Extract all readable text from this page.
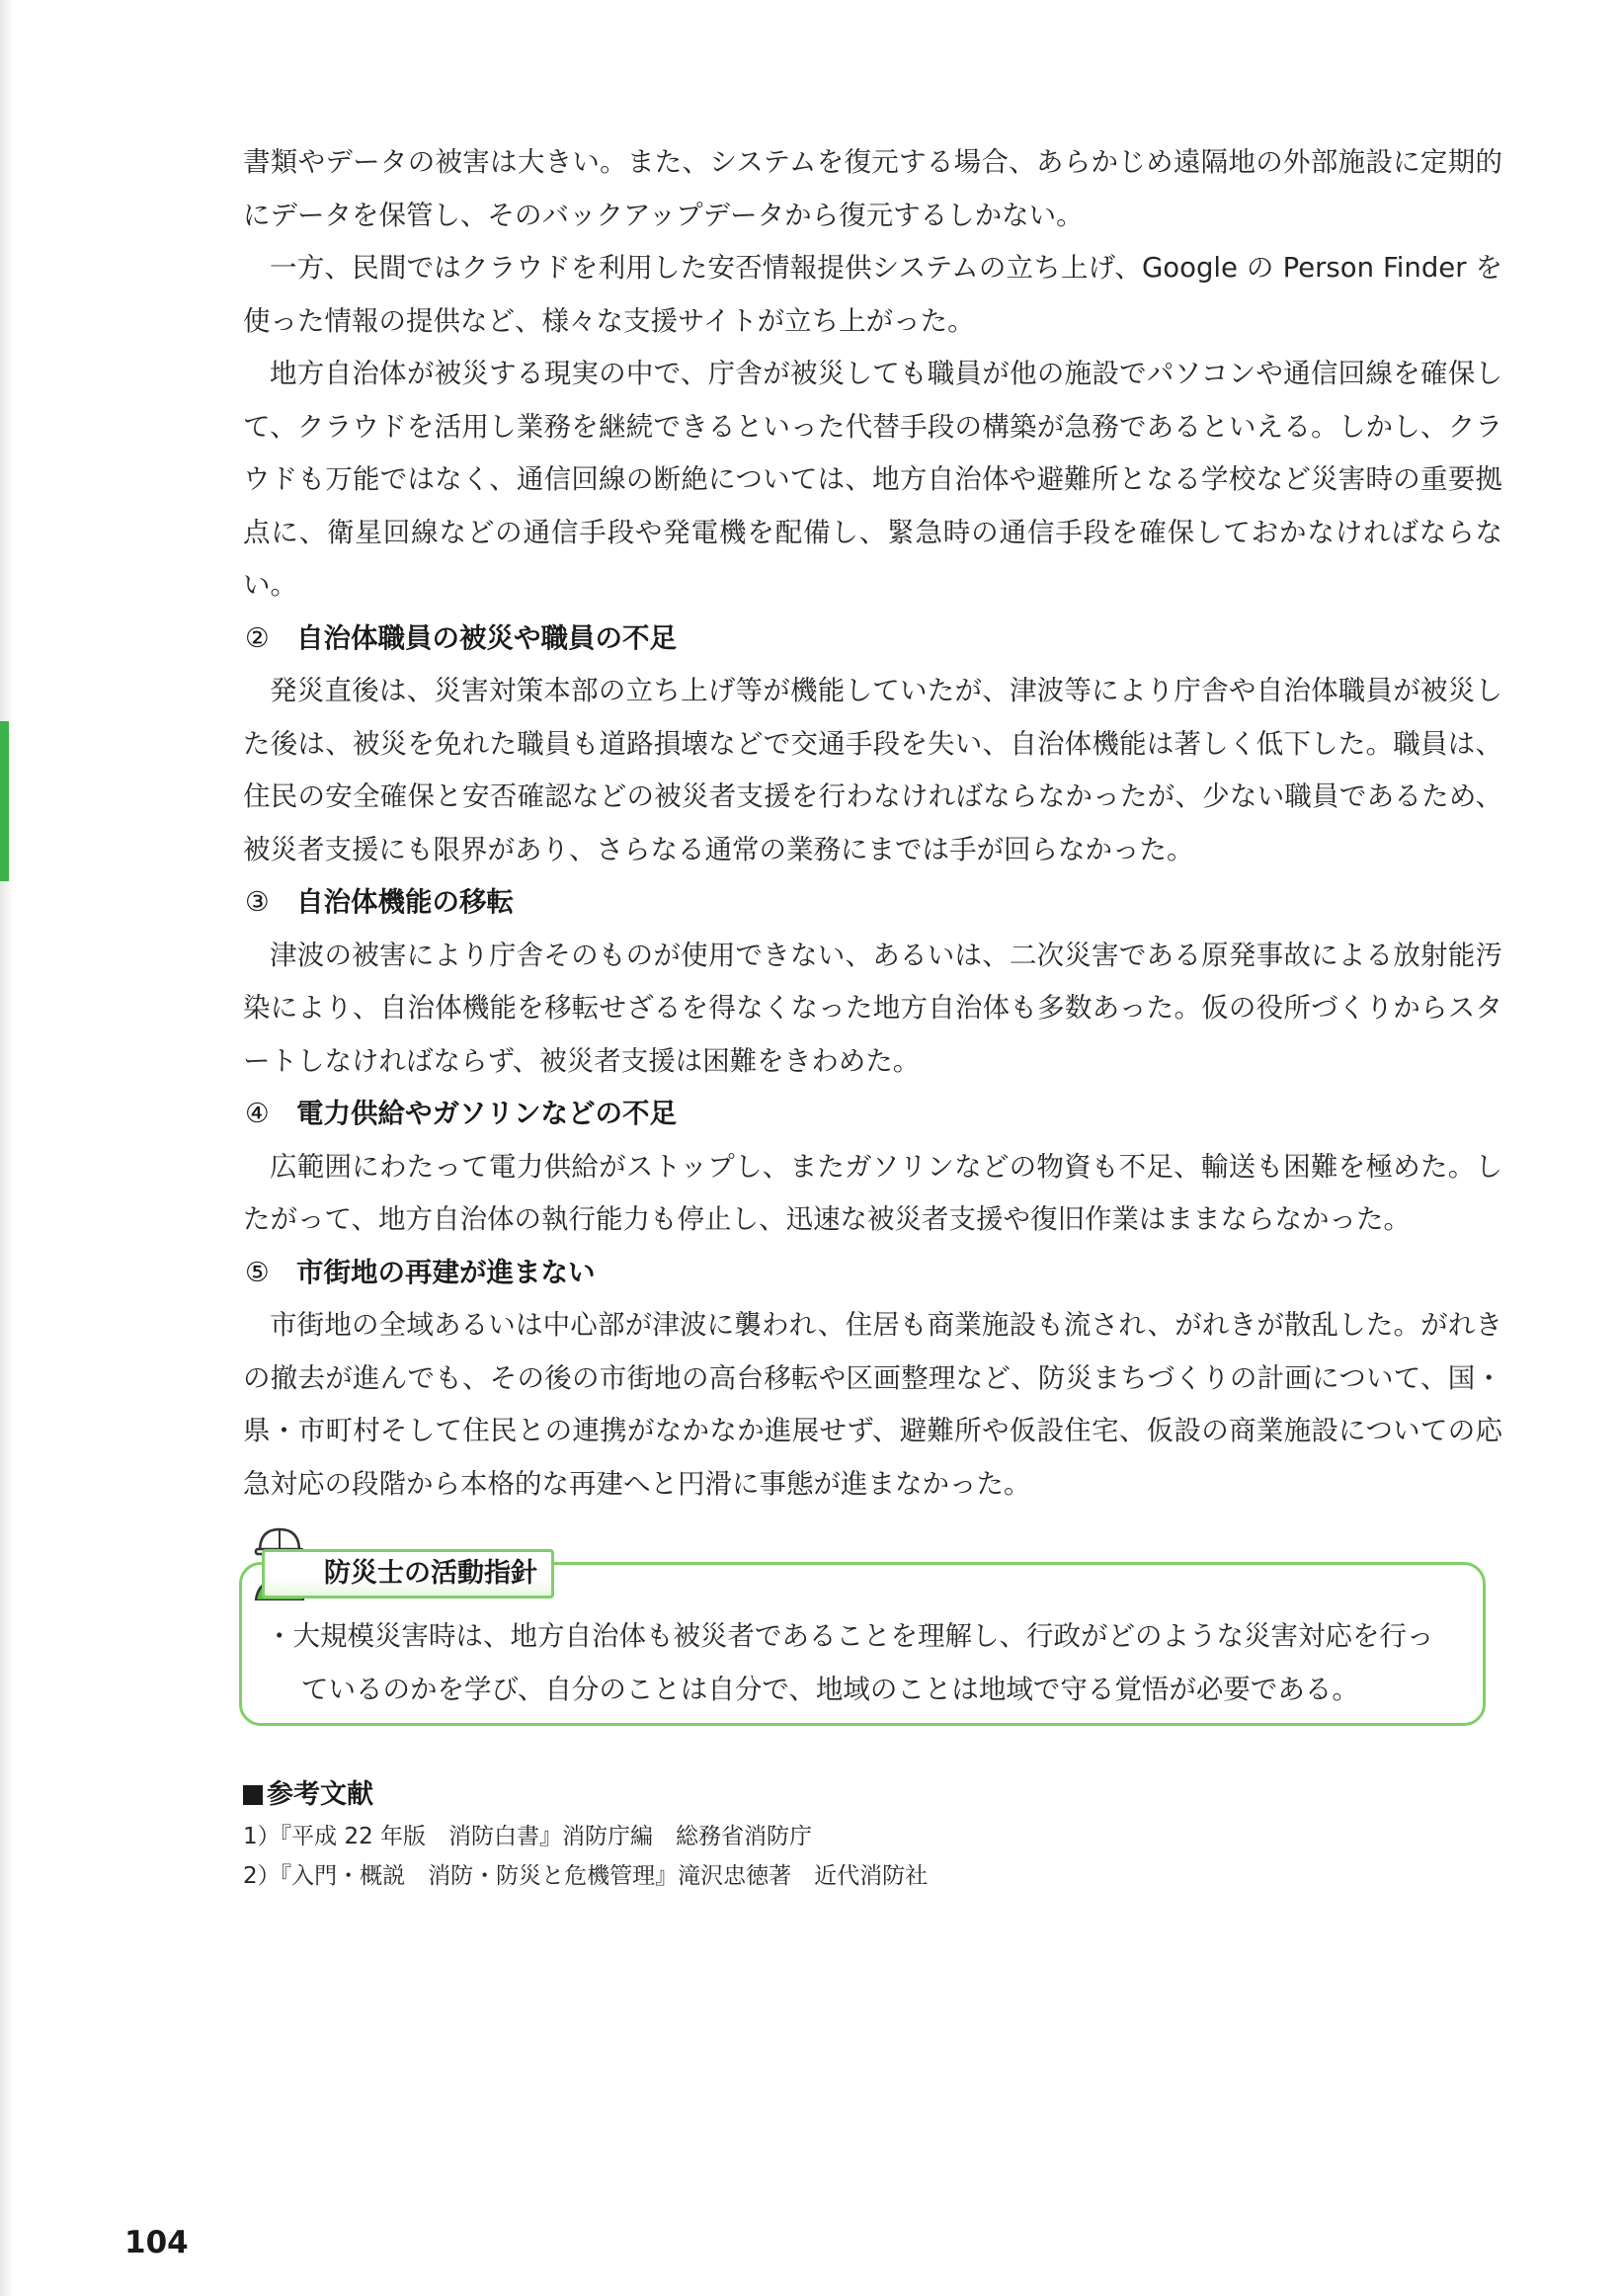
書類やデータの被害は大きい。また、システムを復元する場合、あらかじめ遠隔地の外部施設に定期的にデータを保管し、そのバックアップデータから復元するしかない。

一方、民間ではクラウドを利用した安否情報提供システムの立ち上げ、Google の Person Finder を使った情報の提供など、様々な支援サイトが立ち上がった。

地方自治体が被災する現実の中で、庁舎が被災しても職員が他の施設でパソコンや通信回線を確保して、クラウドを活用し業務を継続できるといった代替手段の構築が急務であるといえる。しかし、クラウドも万能ではなく、通信回線の断絶については、地方自治体や避難所となる学校など災害時の重要拠点に、衛星回線などの通信手段や発電機を配備し、緊急時の通信手段を確保しておかなければならない。

② 自治体職員の被災や職員の不足

発災直後は、災害対策本部の立ち上げ等が機能していたが、津波等により庁舎や自治体職員が被災した後は、被災を免れた職員も道路損壊などで交通手段を失い、自治体機能は著しく低下した。職員は、住民の安全確保と安否確認などの被災者支援を行わなければならなかったが、少ない職員であるため、被災者支援にも限界があり、さらなる通常の業務にまでは手が回らなかった。

③ 自治体機能の移転

津波の被害により庁舎そのものが使用できない、あるいは、二次災害である原発事故による放射能汚染により、自治体機能を移転せざるを得なくなった地方自治体も多数あった。仮の役所づくりからスタートしなければならず、被災者支援は困難をきわめた。

④ 電力供給やガソリンなどの不足

広範囲にわたって電力供給がストップし、またガソリンなどの物資も不足、輸送も困難を極めた。したがって、地方自治体の執行能力も停止し、迅速な被災者支援や復旧作業はままならなかった。

⑤ 市街地の再建が進まない

市街地の全域あるいは中心部が津波に襲われ、住居も商業施設も流され、がれきが散乱した。がれきの撤去が進んでも、その後の市街地の高台移転や区画整理など、防災まちづくりの計画について、国・県・市町村そして住民との連携がなかなか進展せず、避難所や仮設住宅、仮設の商業施設についての応急対応の段階から本格的な再建へと円滑に事態が進まなかった。

防災士の活動指針
・大規模災害時は、地方自治体も被災者であることを理解し、行政がどのような災害対応を行っ
ているのかを学び、自分のことは自分で、地域のことは地域で守る覚悟が必要である。
参考文献
1）『平成 22 年版　消防白書』消防庁編　総務省消防庁
2）『入門・概説　消防・防災と危機管理』滝沢忠徳著　近代消防社
104
